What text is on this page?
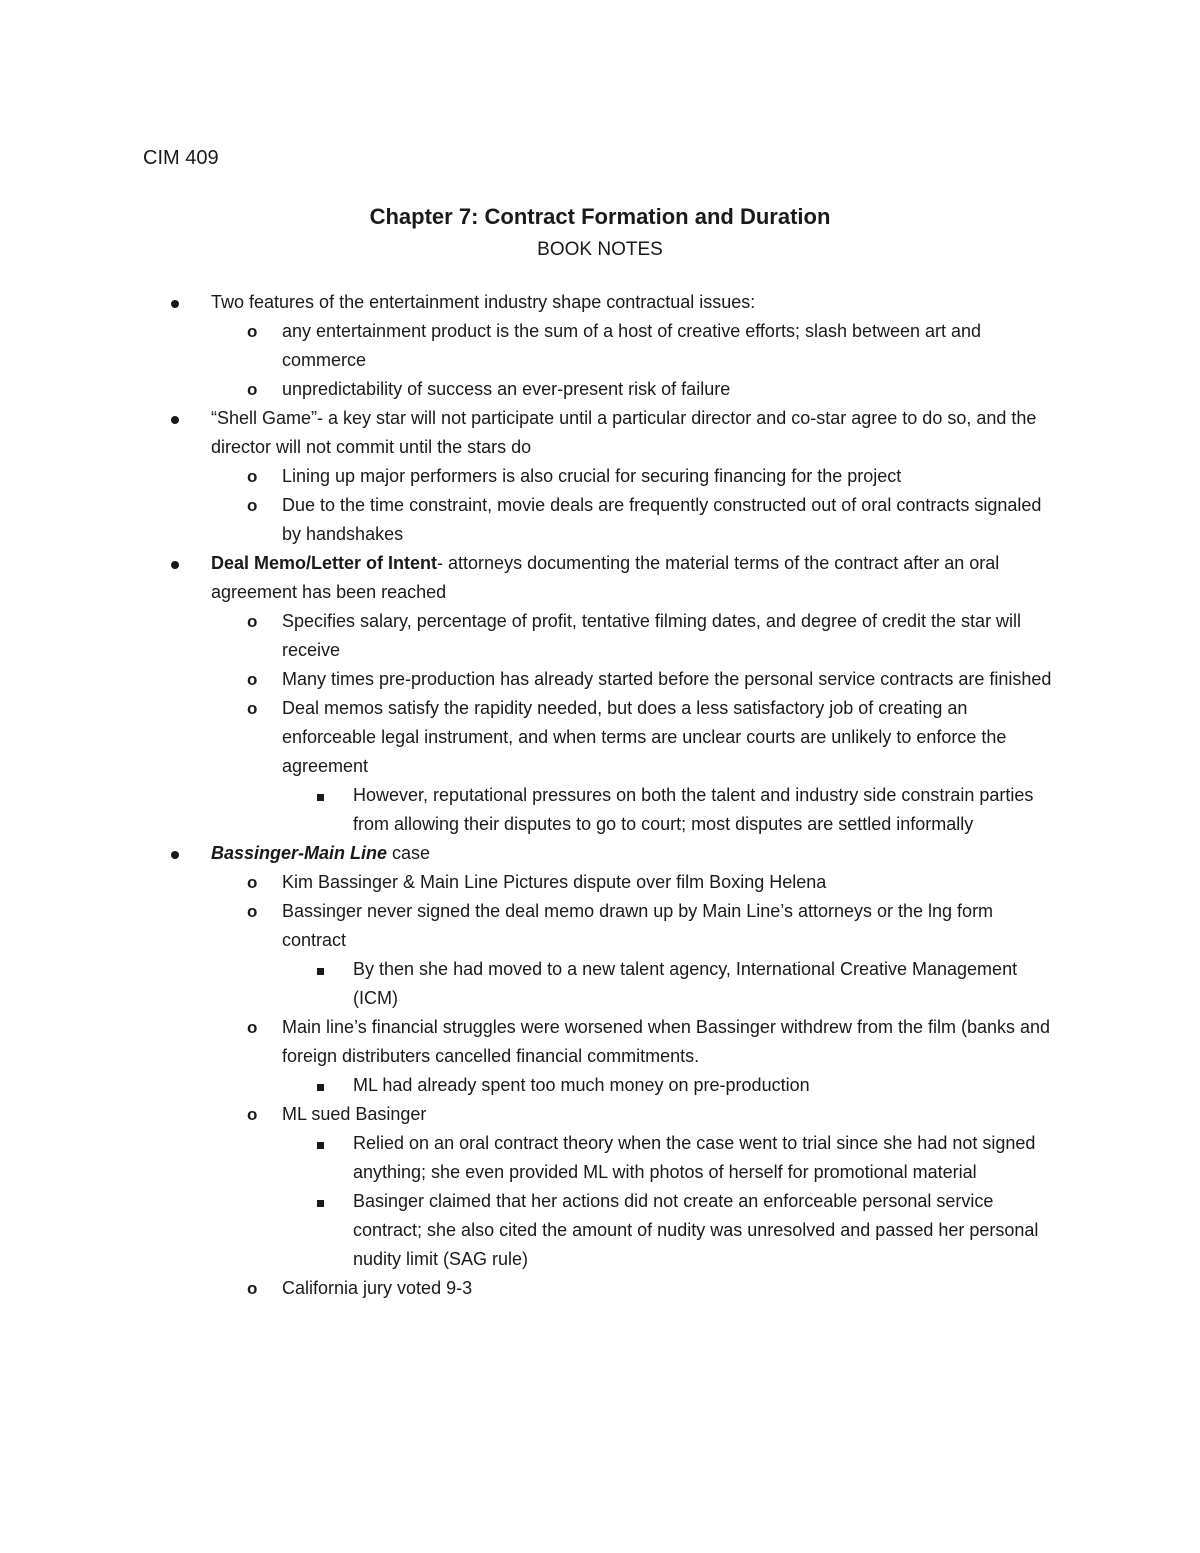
CIM 409
Chapter 7: Contract Formation and Duration
BOOK NOTES
Two features of the entertainment industry shape contractual issues:
o any entertainment product is the sum of a host of creative efforts; slash between art and commerce
o unpredictability of success an ever-present risk of failure
“Shell Game”- a key star will not participate until a particular director and co-star agree to do so, and the director will not commit until the stars do
o Lining up major performers is also crucial for securing financing for the project
o Due to the time constraint, movie deals are frequently constructed out of oral contracts signaled by handshakes
Deal Memo/Letter of Intent- attorneys documenting the material terms of the contract after an oral agreement has been reached
o Specifies salary, percentage of profit, tentative filming dates, and degree of credit the star will receive
o Many times pre-production has already started before the personal service contracts are finished
o Deal memos satisfy the rapidity needed, but does a less satisfactory job of creating an enforceable legal instrument, and when terms are unclear courts are unlikely to enforce the agreement
However, reputational pressures on both the talent and industry side constrain parties from allowing their disputes to go to court; most disputes are settled informally
Bassinger-Main Line case
o Kim Bassinger & Main Line Pictures dispute over film Boxing Helena
o Bassinger never signed the deal memo drawn up by Main Line’s attorneys or the lng form contract
By then she had moved to a new talent agency, International Creative Management (ICM)
o Main line’s financial struggles were worsened when Bassinger withdrew from the film (banks and foreign distributers cancelled financial commitments.
ML had already spent too much money on pre-production
o ML sued Basinger
Relied on an oral contract theory when the case went to trial since she had not signed anything; she even provided ML with photos of herself for promotional material
Basinger claimed that her actions did not create an enforceable personal service contract; she also cited the amount of nudity was unresolved and passed her personal nudity limit (SAG rule)
o California jury voted 9-3
